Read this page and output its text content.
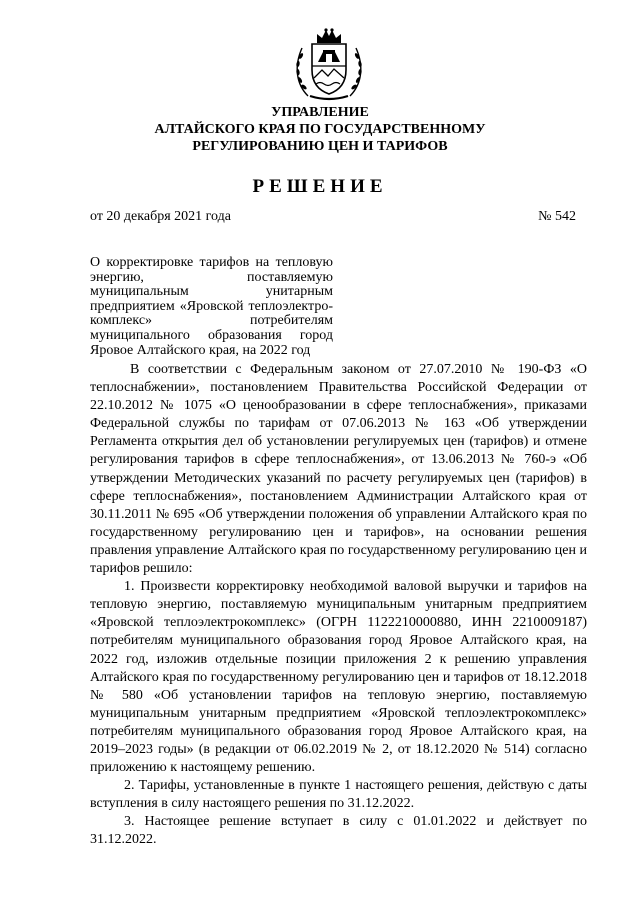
УПРАВЛЕНИЕ
АЛТАЙСКОГО КРАЯ ПО ГОСУДАРСТВЕННОМУ
РЕГУЛИРОВАНИЮ ЦЕН И ТАРИФОВ
РЕШЕНИЕ
от 20 декабря 2021 года	№ 542
О корректировке тарифов на тепловую энергию, поставляемую муниципальным унитарным предприятием «Яровской теплоэлектро-комплекс» потребителям муниципального образования город Яровое Алтайского края, на 2022 год

В соответствии с Федеральным законом от 27.07.2010 № 190-ФЗ «О теплоснабжении», постановлением Правительства Российской Федерации от 22.10.2012 № 1075 «О ценообразовании в сфере теплоснабжения», приказами Федеральной службы по тарифам от 07.06.2013 № 163 «Об утверждении Регламента открытия дел об установлении регулируемых цен (тарифов) и отмене регулирования тарифов в сфере теплоснабжения», от 13.06.2013 № 760-э «Об утверждении Методических указаний по расчету регулируемых цен (тарифов) в сфере теплоснабжения», постановлением Администрации Алтайского края от 30.11.2011 № 695 «Об утверждении положения об управлении Алтайского края по государственному регулированию цен и тарифов», на основании решения правления управление Алтайского края по государственному регулированию цен и тарифов решило:

1. Произвести корректировку необходимой валовой выручки и тарифов на тепловую энергию, поставляемую муниципальным унитарным предприятием «Яровской теплоэлектрокомплекс» (ОГРН 1122210000880, ИНН 2210009187) потребителям муниципального образования город Яровое Алтайского края, на 2022 год, изложив отдельные позиции приложения 2 к решению управления Алтайского края по государственному регулированию цен и тарифов от 18.12.2018 № 580 «Об установлении тарифов на тепловую энергию, поставляемую муниципальным унитарным предприятием «Яровской теплоэлектрокомплекс» потребителям муниципального образования город Яровое Алтайского края, на 2019–2023 годы» (в редакции от 06.02.2019 № 2, от 18.12.2020 № 514) согласно приложению к настоящему решению.

2. Тарифы, установленные в пункте 1 настоящего решения, действую с даты вступления в силу настоящего решения по 31.12.2022.

3. Настоящее решение вступает в силу с 01.01.2022 и действует по 31.12.2022.
